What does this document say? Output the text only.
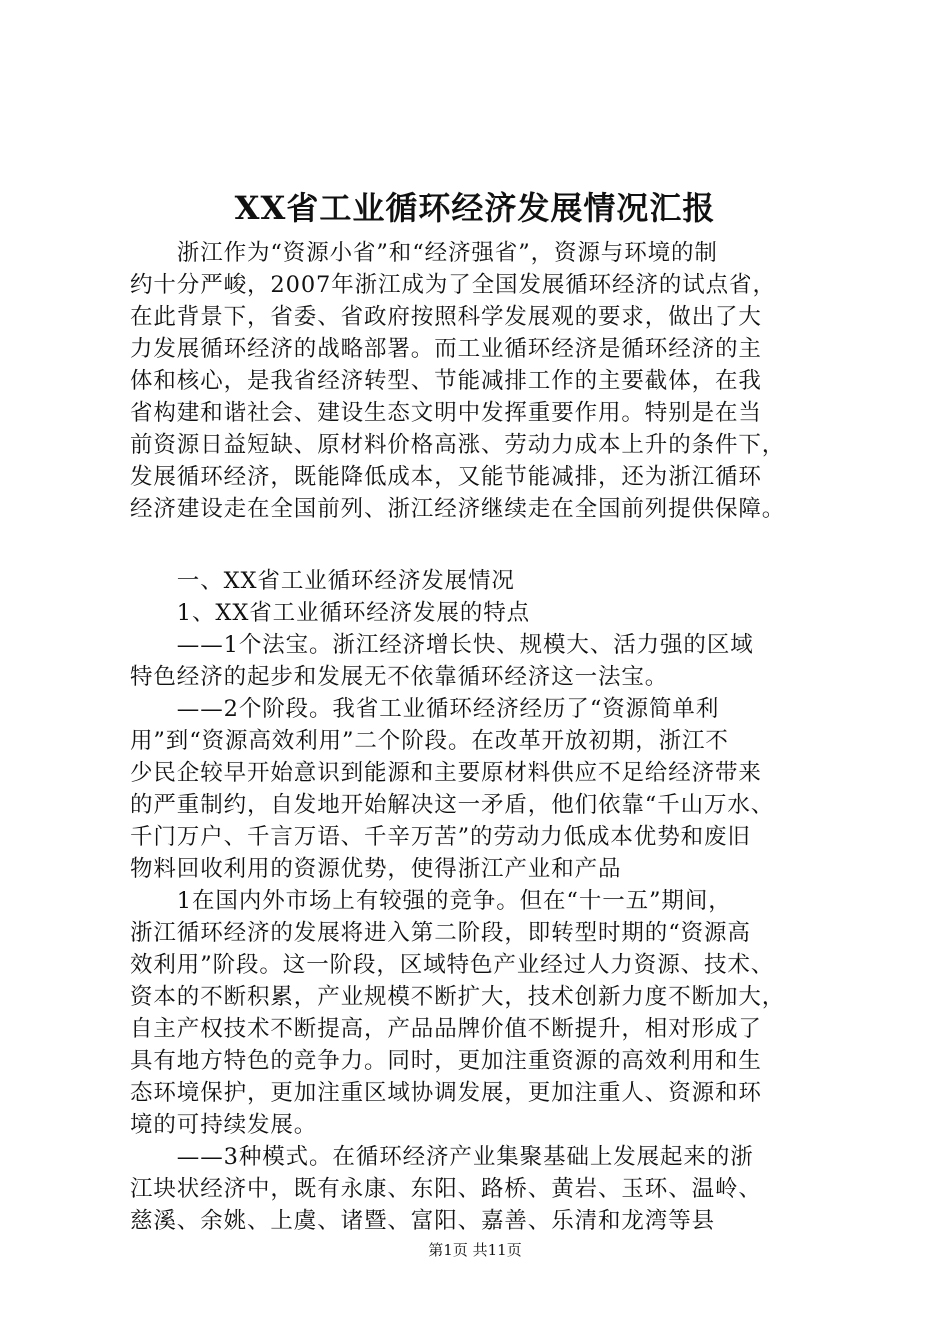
XX省工业循环经济发展情况汇报
　　浙江作为“资源小省”和“经济强省”，资源与环境的制
约十分严峻，2007年浙江成为了全国发展循环经济的试点省，
在此背景下，省委、省政府按照科学发展观的要求，做出了大
力发展循环经济的战略部署。而工业循环经济是循环经济的主
体和核心，是我省经济转型、节能减排工作的主要截体，在我
省构建和谐社会、建设生态文明中发挥重要作用。特别是在当
前资源日益短缺、原材料价格高涨、劳动力成本上升的条件下，
发展循环经济，既能降低成本，又能节能减排，还为浙江循环
经济建设走在全国前列、浙江经济继续走在全国前列提供保障。
　　一、XX省工业循环经济发展情况
　　1、XX省工业循环经济发展的特点
　　——1个法宝。浙江经济增长快、规模大、活力强的区域
特色经济的起步和发展无不依靠循环经济这一法宝。
　　——2个阶段。我省工业循环经济经历了“资源简单利
用”到“资源高效利用”二个阶段。在改革开放初期，浙江不
少民企较早开始意识到能源和主要原材料供应不足给经济带来
的严重制约，自发地开始解决这一矛盾，他们依靠“千山万水、
千门万户、千言万语、千辛万苦”的劳动力低成本优势和废旧
物料回收利用的资源优势，使得浙江产业和产品
　　1在国内外市场上有较强的竞争。但在“十一五”期间，
浙江循环经济的发展将进入第二阶段，即转型时期的“资源高
效利用”阶段。这一阶段，区域特色产业经过人力资源、技术、
资本的不断积累，产业规模不断扩大，技术创新力度不断加大，
自主产权技术不断提高，产品品牌价值不断提升，相对形成了
具有地方特色的竞争力。同时，更加注重资源的高效利用和生
态环境保护，更加注重区域协调发展，更加注重人、资源和环
境的可持续发展。
　　——3种模式。在循环经济产业集聚基础上发展起来的浙
江块状经济中，既有永康、东阳、路桥、黄岩、玉环、温岭、
慈溪、余姚、上虞、诸暨、富阳、嘉善、乐清和龙湾等县
第1页 共11页
